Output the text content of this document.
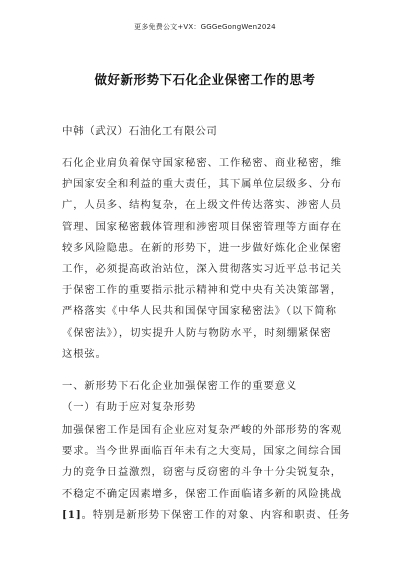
更多免费公文+VX：GGGeGongWen2024
做好新形势下石化企业保密工作的思考
中韩（武汉）石油化工有限公司
石化企业肩负着保守国家秘密、工作秘密、商业秘密，维
护国家安全和利益的重大责任，其下属单位层级多、分布
广，人员多、结构复杂，在上级文件传达落实、涉密人员
管理、国家秘密载体管理和涉密项目保密管理等方面存在
较多风险隐患。在新的形势下，进一步做好炼化企业保密
工作，必须提高政治站位，深入贯彻落实习近平总书记关
于保密工作的重要指示批示精神和党中央有关决策部署，
严格落实《中华人民共和国保守国家秘密法》（以下简称
《保密法》），切实提升人防与物防水平，时刻绷紧保密
这根弦。
一、新形势下石化企业加强保密工作的重要意义
（一）有助于应对复杂形势
加强保密工作是国有企业应对复杂严峻的外部形势的客观
要求。当今世界面临百年未有之大变局，国家之间综合国
力的竞争日益激烈，窃密与反窃密的斗争十分尖锐复杂，
不稳定不确定因素增多，保密工作面临诸多新的风险挑战
[1]。特别是新形势下保密工作的对象、内容和职责、任务
